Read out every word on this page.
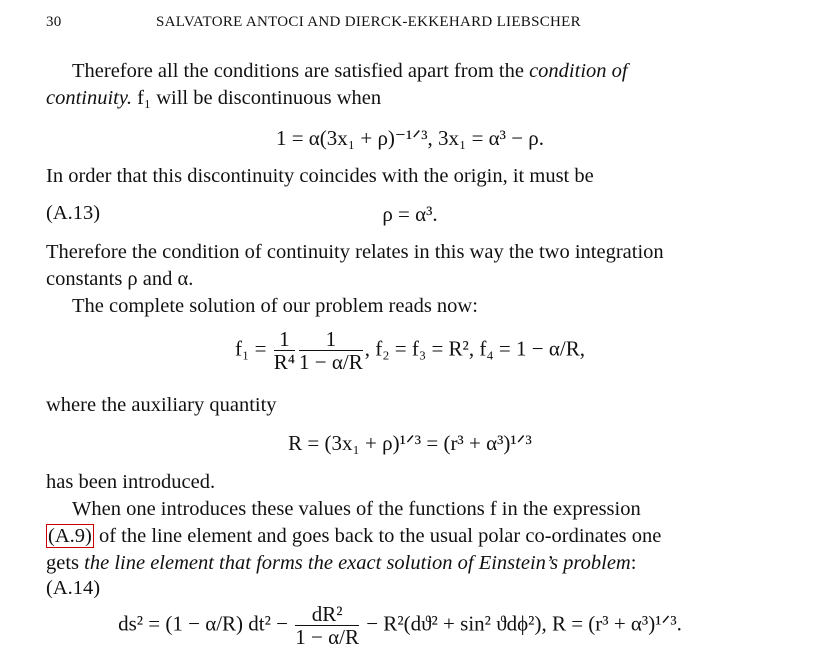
30	SALVATORE ANTOCI AND DIERCK-EKKEHARD LIEBSCHER
Therefore all the conditions are satisfied apart from the condition of
continuity. f₁ will be discontinuous when
1 = α(3x₁ + ρ)⁻¹ᐟ³, 3x₁ = α³ − ρ.
In order that this discontinuity coincides with the origin, it must be
(A.13)	ρ = α³.
Therefore the condition of continuity relates in this way the two integration
constants ρ and α.
The complete solution of our problem reads now:
$f_1 = \frac{1}{\text{R⁴}} \frac{1}{1 - \alpha/R}$ , f₂ = f₃ = R², f₄ = 1 − α/R,
where the auxiliary quantity
R = (3x₁ + ρ)¹ᐟ³ = (r³ + α³)¹ᐟ³
has been introduced.
When one introduces these values of the functions f in the expression
(A.9) of the line element and goes back to the usual polar co-ordinates one
gets the line element that forms the exact solution of Einstein’s problem:
(A.14)
ds² = (1 − α/R) $dt^2 - \frac{\text{dR²}}{1 - \alpha/R} - R^2(dϑ^2 + \sin^2$ ϑdϕ²), R = (r³ + α³)¹ᐟ³.
